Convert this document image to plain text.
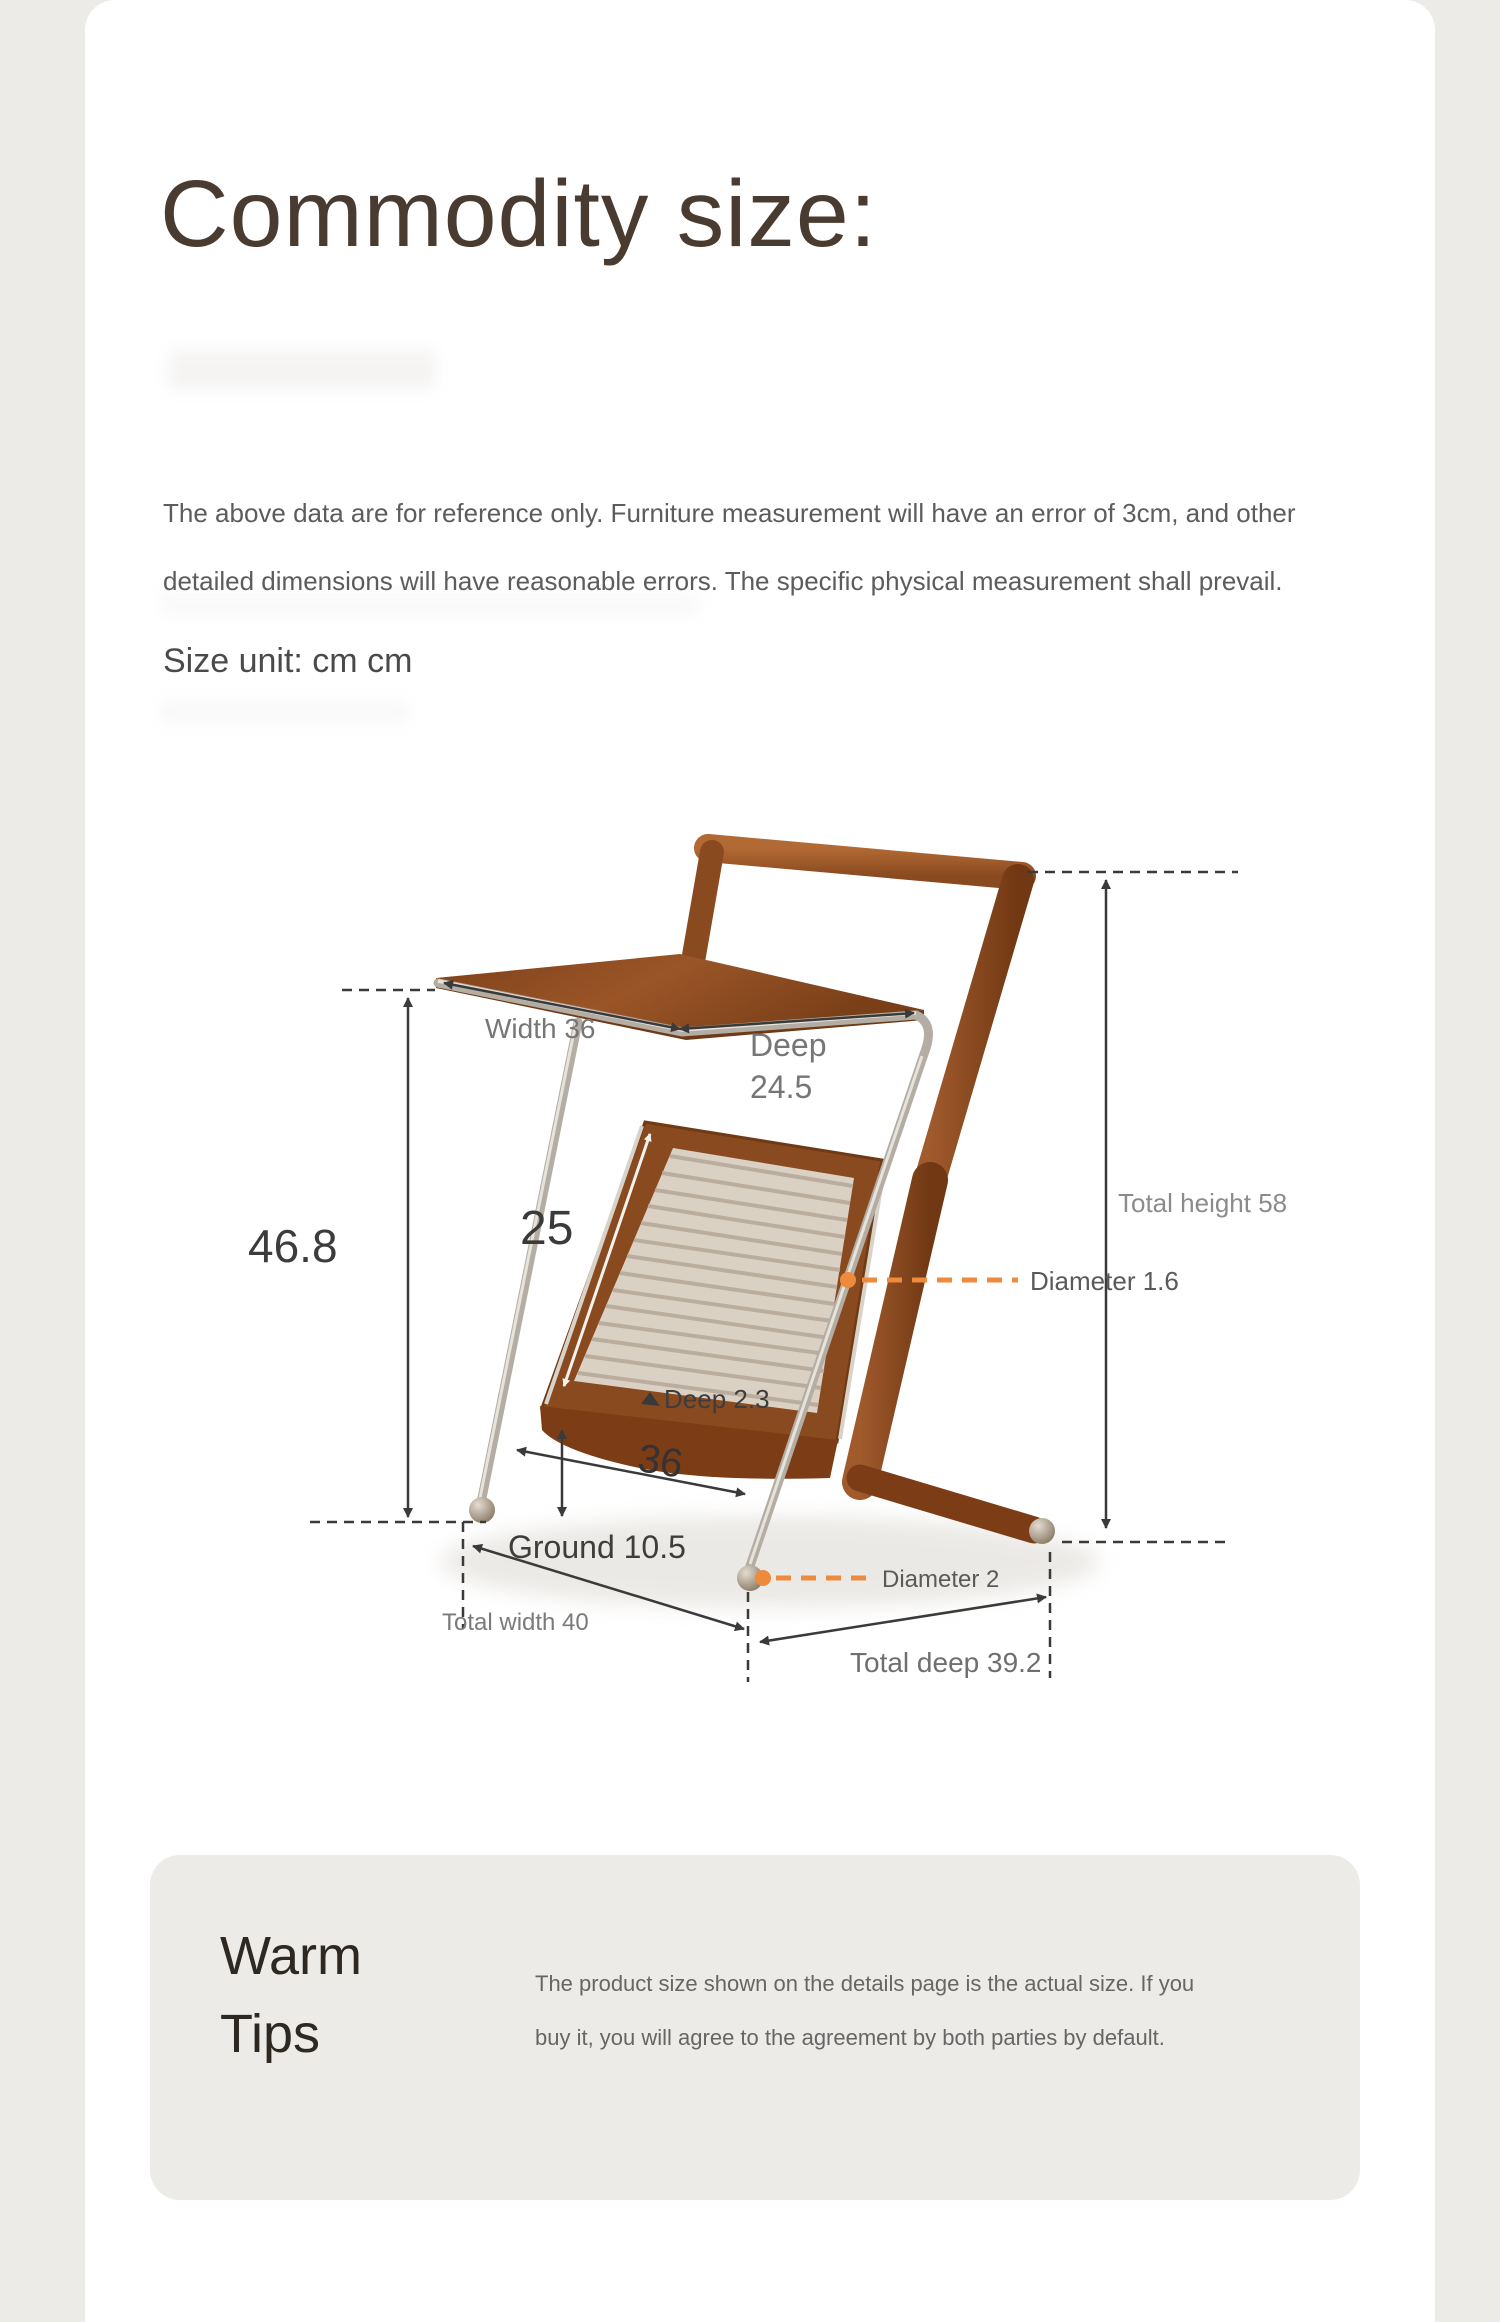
Commodity size:
The above data are for reference only. Furniture measurement will have an error of 3cm, and other
detailed dimensions will have reasonable errors. The specific physical measurement shall prevail.
Size unit: cm cm
46.8
Width 36	Deep
24.5
25	Total height 58
Diameter 1.6
Deep 2.3
36
Ground 10.5
Diameter 2
Total width 40
Total deep 39.2
Warm
Tips
The product size shown on the details page is the actual size. If you
buy it, you will agree to the agreement by both parties by default.
